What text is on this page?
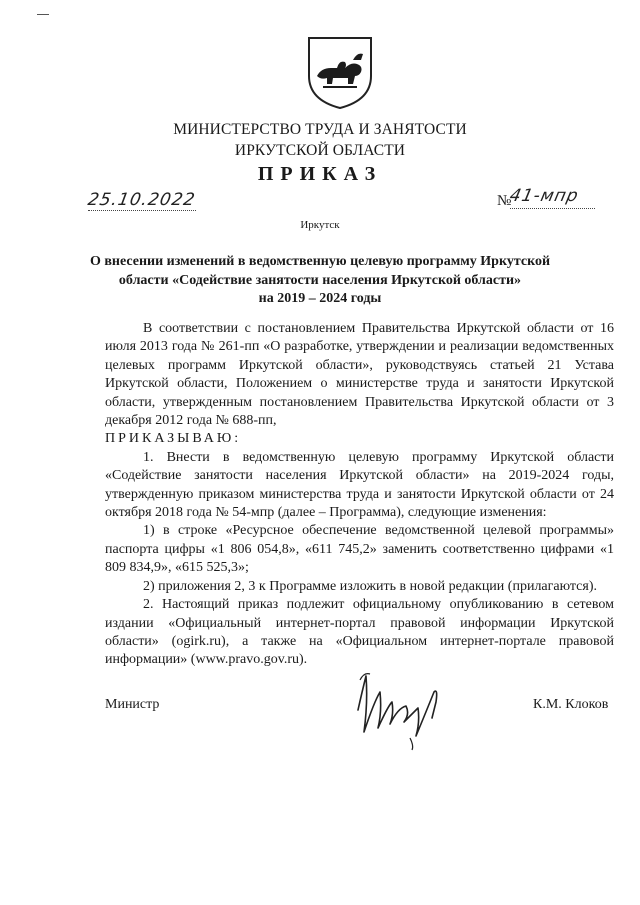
МИНИСТЕРСТВО ТРУДА И ЗАНЯТОСТИ
ИРКУТСКОЙ ОБЛАСТИ
ПРИКАЗ
25.10.2022	№
41-мпр
Иркутск
О внесении изменений в ведомственную целевую программу Иркутской
области «Содействие занятости населения Иркутской области»
на 2019 – 2024 годы
В соответствии с постановлением Правительства Иркутской области от 16 июля 2013 года № 261-пп «О разработке, утверждении и реализации ведомственных целевых программ Иркутской области», руководствуясь статьей 21 Устава Иркутской области, Положением о министерстве труда и занятости Иркутской области, утвержденным постановлением Правительства Иркутской области от 3 декабря 2012 года № 688-пп,
ПРИКАЗЫВАЮ:
1. Внести в ведомственную целевую программу Иркутской области «Содействие занятости населения Иркутской области» на 2019-2024 годы, утвержденную приказом министерства труда и занятости Иркутской области от 24 октября 2018 года № 54-мпр (далее – Программа), следующие изменения:
1) в строке «Ресурсное обеспечение ведомственной целевой программы» паспорта цифры «1 806 054,8», «611 745,2» заменить соответственно цифрами «1 809 834,9», «615 525,3»;
2) приложения 2, 3 к Программе изложить в новой редакции (прилагаются).
2. Настоящий приказ подлежит официальному опубликованию в сетевом издании «Официальный интернет-портал правовой информации Иркутской области» (ogirk.ru), а также на «Официальном интернет-портале правовой информации» (www.pravo.gov.ru).
Министр	К.М. Клоков
